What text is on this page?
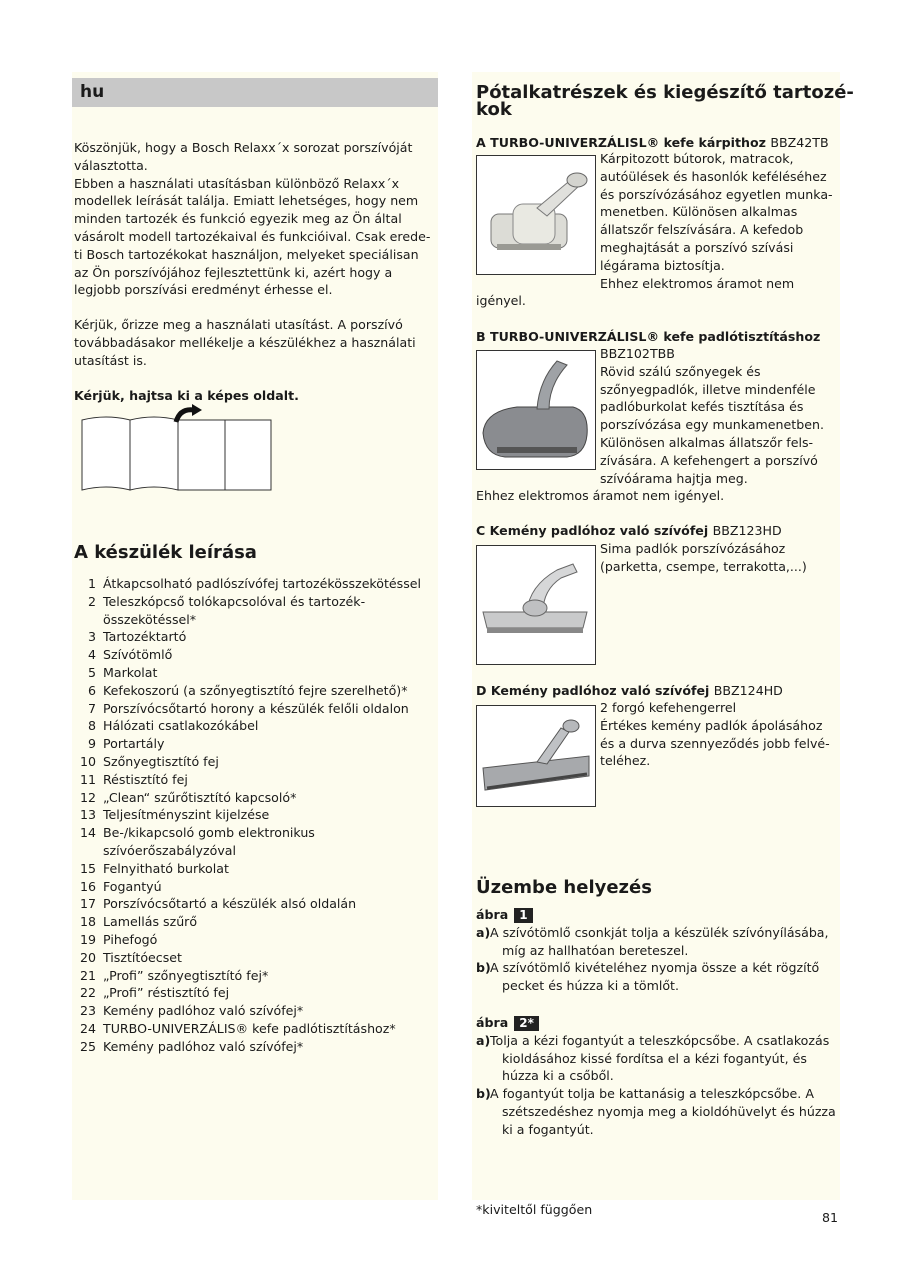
hu
Köszönjük, hogy a Bosch Relaxx´x sorozat porszívóját
választotta.
Ebben a használati utasításban különböző Relaxx´x
modellek leírását találja. Emiatt lehetséges, hogy nem
minden tartozék és funkció egyezik meg az Ön által
vásárolt modell tartozékaival és funkcióival. Csak erede-
ti Bosch tartozékokat használjon, melyeket speciálisan
az Ön porszívójához fejlesztettünk ki, azért hogy a
legjobb porszívási eredményt érhesse el.
Kérjük, őrizze meg a használati utasítást. A porszívó
továbbadásakor mellékelje a készülékhez a használati
utasítást is.
Kérjük, hajtsa ki a képes oldalt.
A készülék leírása
1 Átkapcsolható padlószívófej tartozékösszekötéssel
2 Teleszkópcső tolókapcsolóval és tartozék-
összekötéssel*
3 Tartozéktartó
4 Szívótömlő
5 Markolat
6 Kefekoszorú (a szőnyegtisztító fejre szerelhető)*
7 Porszívócsőtartó horony a készülék felőli oldalon
8 Hálózati csatlakozókábel
9 Portartály
10 Szőnyegtisztító fej
11 Réstisztító fej
12 „Clean“ szűrőtisztító kapcsoló*
13 Teljesítményszint kijelzése
14 Be-/kikapcsoló gomb elektronikus
szívóerőszabályzóval
15 Felnyitható burkolat
16 Fogantyú
17 Porszívócsőtartó a készülék alsó oldalán
18 Lamellás szűrő
19 Pihefogó
20 Tisztítóecset
21 „Profi” szőnyegtisztító fej*
22 „Profi” réstisztító fej
23 Kemény padlóhoz való szívófej*
24 TURBO-UNIVERZÁLIS® kefe padlótisztításhoz*
25 Kemény padlóhoz való szívófej*
Pótalkatrészek és kiegészítő tartozé-
kok
A TURBO-UNIVERZÁLISL® kefe kárpithoz BBZ42TB
Kárpitozott bútorok, matracok,
autóülések és hasonlók keféléséhez
és porszívózásához egyetlen munka-
menetben. Különösen alkalmas
állatszőr felszívására. A kefedob
meghajtását a porszívó szívási
légárama biztosítja.
Ehhez elektromos áramot nem
igényel.
B TURBO-UNIVERZÁLISL® kefe padlótisztításhoz
BBZ102TBB
Rövid szálú szőnyegek és
szőnyegpadlók, illetve mindenféle
padlóburkolat kefés tisztítása és
porszívózása egy munkamenetben.
Különösen alkalmas állatszőr fels-
zívására. A kefehengert a porszívó
szívóárama hajtja meg.
Ehhez elektromos áramot nem igényel.
C Kemény padlóhoz való szívófej BBZ123HD
Sima padlók porszívózásához
(parketta, csempe, terrakotta,...)
D Kemény padlóhoz való szívófej BBZ124HD
2 forgó kefehengerrel
Értékes kemény padlók ápolásához
és a durva szennyeződés jobb felvé-
teléhez.
Üzembe helyezés
ábra 1
a) A szívótömlő csonkját tolja a készülék szívónyílásába,
míg az hallhatóan bereteszel.
b) A szívótömlő kivételéhez nyomja össze a két rögzítő
pecket és húzza ki a tömlőt.
ábra 2*
a) Tolja a kézi fogantyút a teleszkópcsőbe. A csatlakozás
kioldásához kissé fordítsa el a kézi fogantyút, és
húzza ki a csőből.
b) A fogantyút tolja be kattanásig a teleszkópcsőbe. A
szétszedéshez nyomja meg a kioldóhüvelyt és húzza
ki a fogantyút.
*kiviteltől függően
81
